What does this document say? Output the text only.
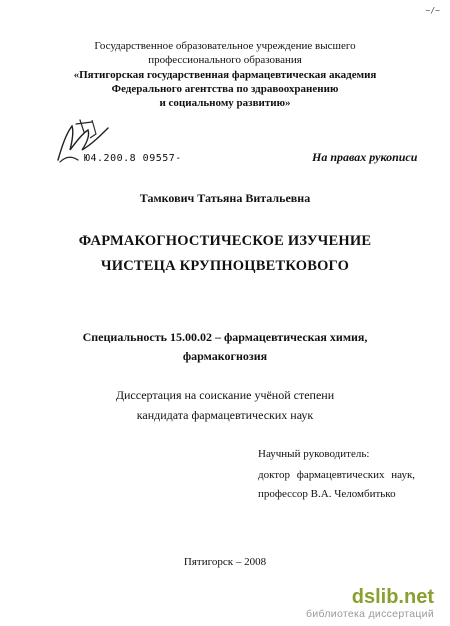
~/~
Государственное образовательное учреждение высшего
профессионального образования
«Пятигорская государственная фармацевтическая академия
Федерального агентства по здравоохранению
и социальному развитию»
Ю4.200.8 09557-	На правах рукописи
Тамкович Татьяна Витальевна
ФАРМАКОГНОСТИЧЕСКОЕ ИЗУЧЕНИЕ
ЧИСТЕЦА КРУПНОЦВЕТКОВОГО
Специальность 15.00.02 – фармацевтическая химия,
фармакогнозия
Диссертация на соискание учёной степени
кандидата фармацевтических наук
Научный руководитель:
доктор фармацевтических наук,
профессор В.А. Челомбитько
Пятигорск – 2008
dslib.net
библиотека диссертаций
